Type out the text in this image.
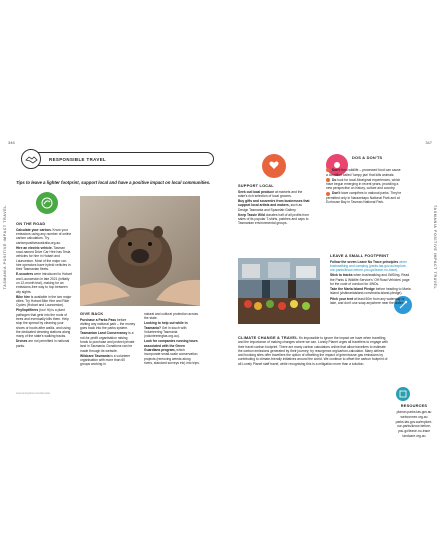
346	347
TASMANIA POSITIVE IMPACT TRAVEL	TASMANIA POSITIVE IMPACT TRAVEL
RESPONSIBLE TRAVEL
Tips to leave a lighter footprint, support local and have a positive impact on local communities.
ON THE ROAD

Calculate your carbon. Know your emissions using any number of online carbon calculators. Try carbonpositiveaustralia.org.au.

Hire an electric vehicle. Tasman road-named Drive Car Hire has Tesla vehicles for hire in Hobart and Launceston. Most of the major car-hire operators have hybrid vehicles in their Tasmanian fleets.

E-scooters were introduced to Hobart and Launceston in late 2021 (initially on 12-month trial), making for an emissions-free way to hop between city sights.

Bike hire is available in the two major cities. Try Hobart Bike Hire and Ride Cycles (Hobart and Launceston).

Phylloptifirers (roo! ht) is a plant pathogen that gets into the roots of trees and eventually kills them. Help stop the spread by cleaning your shoes or boots after walks, and using the dedicated cleaning stations along many of the state's walking tracks.

Drones are not permitted in national parks.

GIVE BACK

Purchase a Parks Pass before visiting any national park – the money goes back into the parks system.

Tasmanian Land Conservancy is a not-for-profit organisation raising funds to purchase and protect private land in Tasmania. Donations can be made through its website.

Wildcare Tasmania is a volunteer organisation with more than 60 groups working in

natural and cultural protection across the state.

Looking to help out while in Tasmania? Get in touch with Volunteering Tasmania (volunteeringtas.org.au).

Look for companies running tours associated with the Green Guardians program, which incorporate small-scale conservation projects (removing weeds along rivers, standard surveys etc) into trips.

SUPPORT LOCAL

Seek out local produce at markets and the state's rich selection of local grocers.

Buy gifts and souvenirs from businesses that support local artists and makers, such as Design Tasmania and Spacelab Gallery.

Keep Tassie Wild donates half of all profits from sales of its popular T-shirts, patches and caps to Tasmanian environmental groups.

DOS & DON'TS

Don't feed wildlife – processed food can cause a condition called 'lumpy jaw' that kills animals.

Do look for local Aboriginal experiences, which have begun emerging in recent years, providing a new perspective on history, culture and country.

Don't have campfires in national parks. They're permitted only in Narawntapu National Park and at Ecrhouse Bay in Tasman National Park.

LEAVE A SMALL FOOTPRINT

Follow the seven Leave No Trace principles when bushwalking and camping (parks.tas.gov.au/explore-our-parks/know-before-you-go/leave-no-trace).

Stick to tracks when bushwalking and 4WDing. Read the Parks & Wildlife Service's 'Off Road Vehicles' page for the code of conduct for 4WDs.

Take the Maria Island Pledge before heading to Maria Island (visitmariaisland.com/maria-island-pledge).

Pitch your tent at least 50m from any waterway or lake, and don't use soap anywhere near the water.

CLIMATE CHANGE & TRAVEL It's impossible to ignore the impact we have when travelling, and the importance of making changes where we can. Lonely Planet urges all travellers to engage with their travel carbon footprint. There are many carbon calculators online that allow travellers to estimate the carbon emissions generated by their journey; try resurgence.org/carbon-calculator. Many airlines and booking sites offer travellers the option of offsetting the impact of greenhouse gas emissions by contributing to climate-friendly initiatives around the world. We continue to offset the carbon footprint of all Lonely Planet staff travel, while recognising this is a mitigation more than a solution.
RESOURCES

planon.parks.tas.gov.au

webconnex.org.au

parks.tas.gov.au/explore-our-parks/know-before-you-go/leave-no-trace

landcare.org.au

www.lonelyplanet.com/tasmania
